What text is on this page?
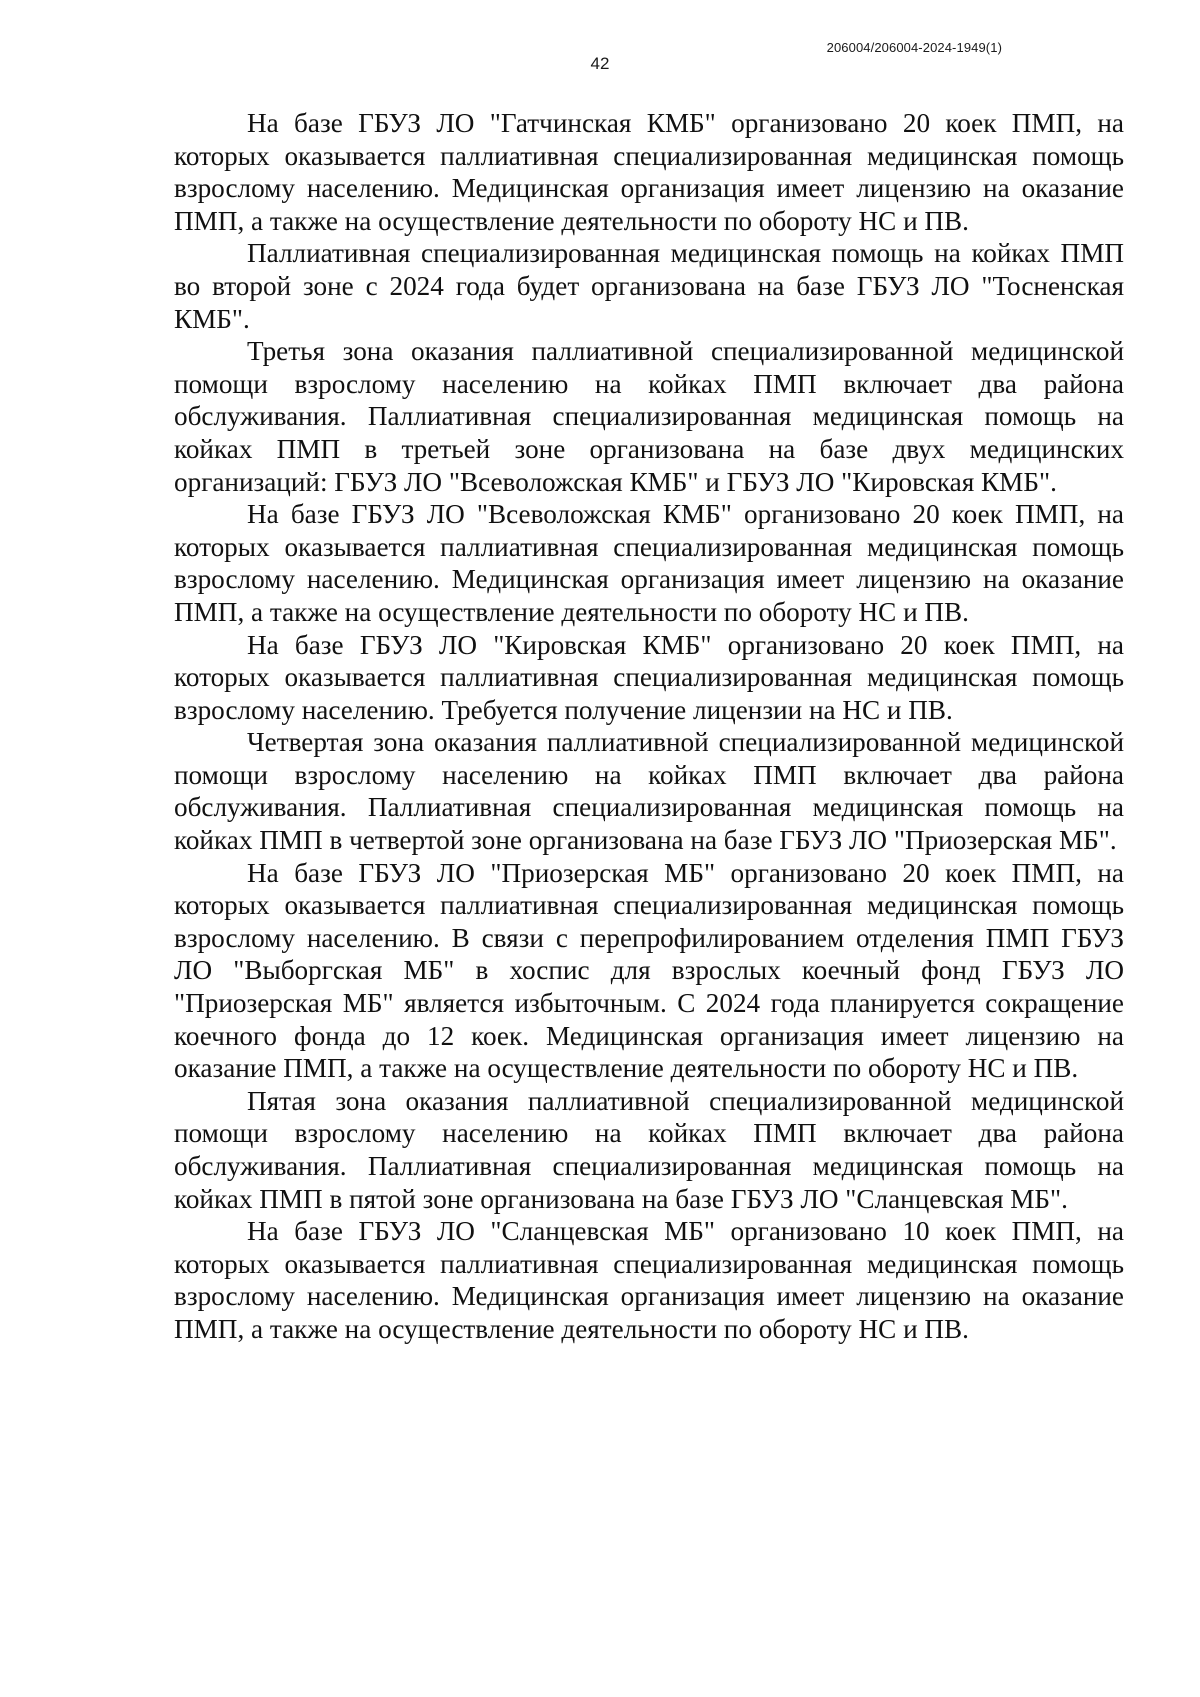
206004/206004-2024-1949(1)
42

На базе ГБУЗ ЛО "Гатчинская КМБ" организовано 20 коек ПМП, на которых оказывается паллиативная специализированная медицинская помощь взрослому населению. Медицинская организация имеет лицензию на оказание ПМП, а также на осуществление деятельности по обороту НС и ПВ.

Паллиативная специализированная медицинская помощь на койках ПМП во второй зоне с 2024 года будет организована на базе ГБУЗ ЛО "Тосненская КМБ".

Третья зона оказания паллиативной специализированной медицинской помощи взрослому населению на койках ПМП включает два района обслуживания. Паллиативная специализированная медицинская помощь на койках ПМП в третьей зоне организована на базе двух медицинских организаций: ГБУЗ ЛО "Всеволожская КМБ" и ГБУЗ ЛО "Кировская КМБ".

На базе ГБУЗ ЛО "Всеволожская КМБ" организовано 20 коек ПМП, на которых оказывается паллиативная специализированная медицинская помощь взрослому населению. Медицинская организация имеет лицензию на оказание ПМП, а также на осуществление деятельности по обороту НС и ПВ.

На базе ГБУЗ ЛО "Кировская КМБ" организовано 20 коек ПМП, на которых оказывается паллиативная специализированная медицинская помощь взрослому населению. Требуется получение лицензии на НС и ПВ.

Четвертая зона оказания паллиативной специализированной медицинской помощи взрослому населению на койках ПМП включает два района обслуживания. Паллиативная специализированная медицинская помощь на койках ПМП в четвертой зоне организована на базе ГБУЗ ЛО "Приозерская МБ".

На базе ГБУЗ ЛО "Приозерская МБ" организовано 20 коек ПМП, на которых оказывается паллиативная специализированная медицинская помощь взрослому населению. В связи с перепрофилированием отделения ПМП ГБУЗ ЛО "Выборгская МБ" в хоспис для взрослых коечный фонд ГБУЗ ЛО "Приозерская МБ" является избыточным. С 2024 года планируется сокращение коечного фонда до 12 коек. Медицинская организация имеет лицензию на оказание ПМП, а также на осуществление деятельности по обороту НС и ПВ.

Пятая зона оказания паллиативной специализированной медицинской помощи взрослому населению на койках ПМП включает два района обслуживания. Паллиативная специализированная медицинская помощь на койках ПМП в пятой зоне организована на базе ГБУЗ ЛО "Сланцевская МБ".

На базе ГБУЗ ЛО "Сланцевская МБ" организовано 10 коек ПМП, на которых оказывается паллиативная специализированная медицинская помощь взрослому населению. Медицинская организация имеет лицензию на оказание ПМП, а также на осуществление деятельности по обороту НС и ПВ.
